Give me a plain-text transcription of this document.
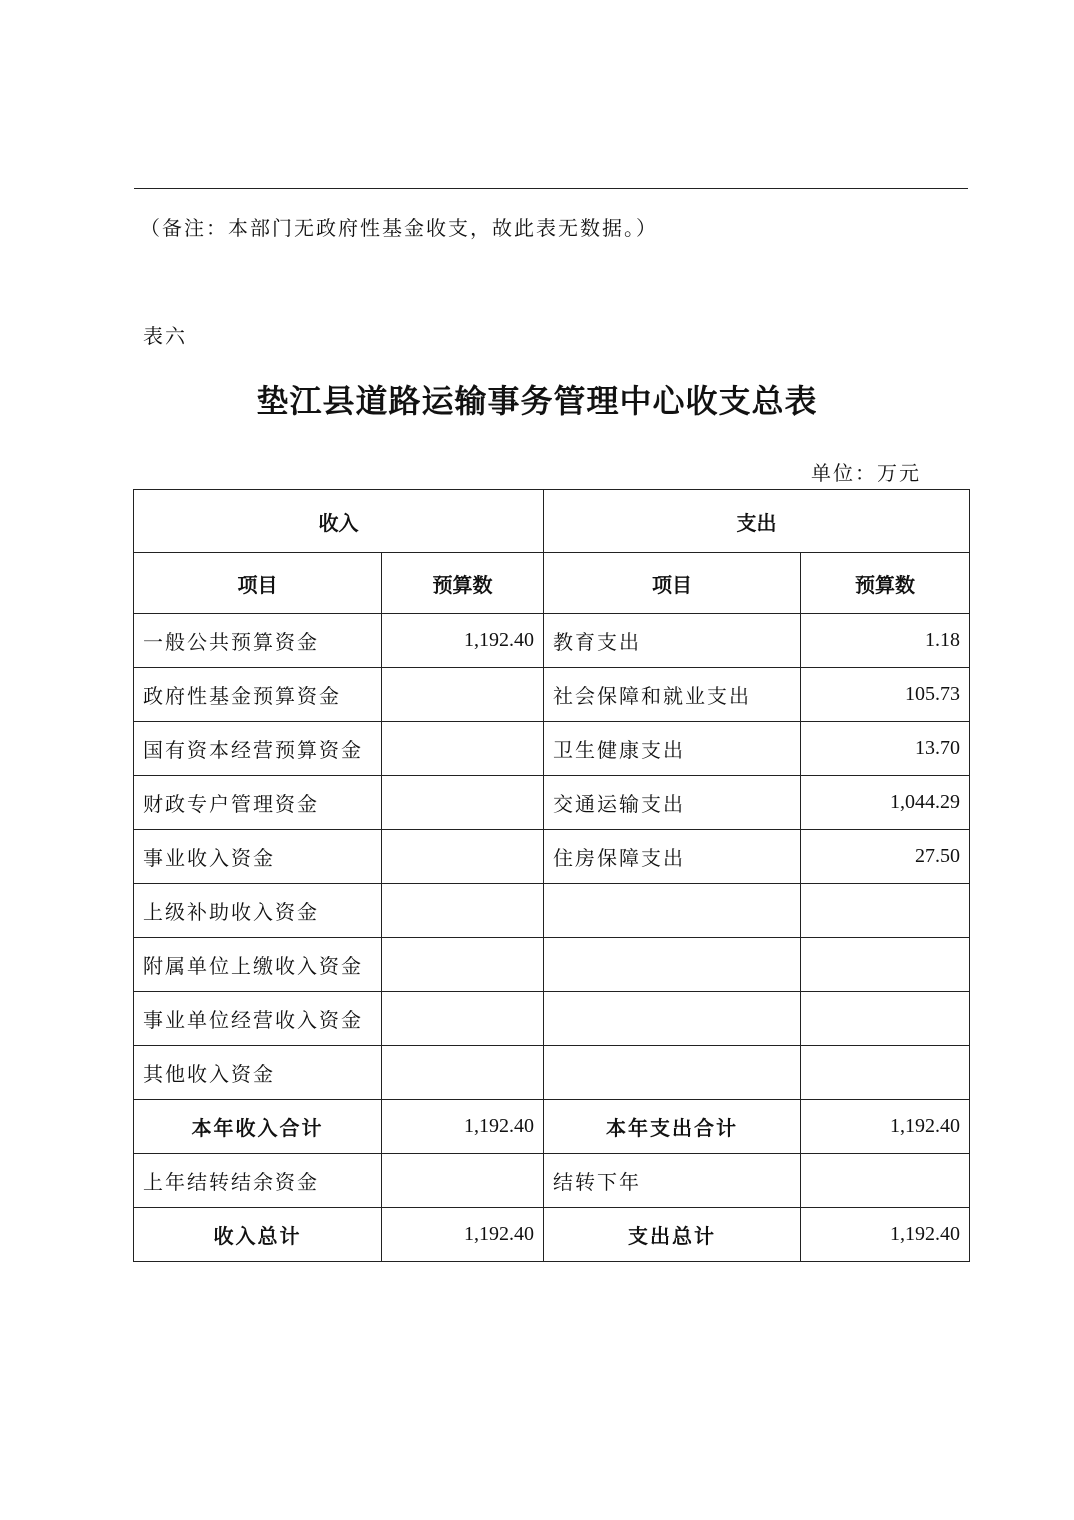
（备注：本部门无政府性基金收支，故此表无数据。）
表六
垫江县道路运输事务管理中心收支总表
单位：万元
收入		支出	
项目	预算数	项目	预算数
一般公共预算资金	1,192.40	教育支出	1.18
政府性基金预算资金		社会保障和就业支出	105.73
国有资本经营预算资金		卫生健康支出	13.70
财政专户管理资金		交通运输支出	1,044.29
事业收入资金		住房保障支出	27.50
上级补助收入资金			
附属单位上缴收入资金			
事业单位经营收入资金			
其他收入资金			
本年收入合计	1,192.40	本年支出合计	1,192.40
上年结转结余资金		结转下年	
收入总计	1,192.40	支出总计	1,192.40
